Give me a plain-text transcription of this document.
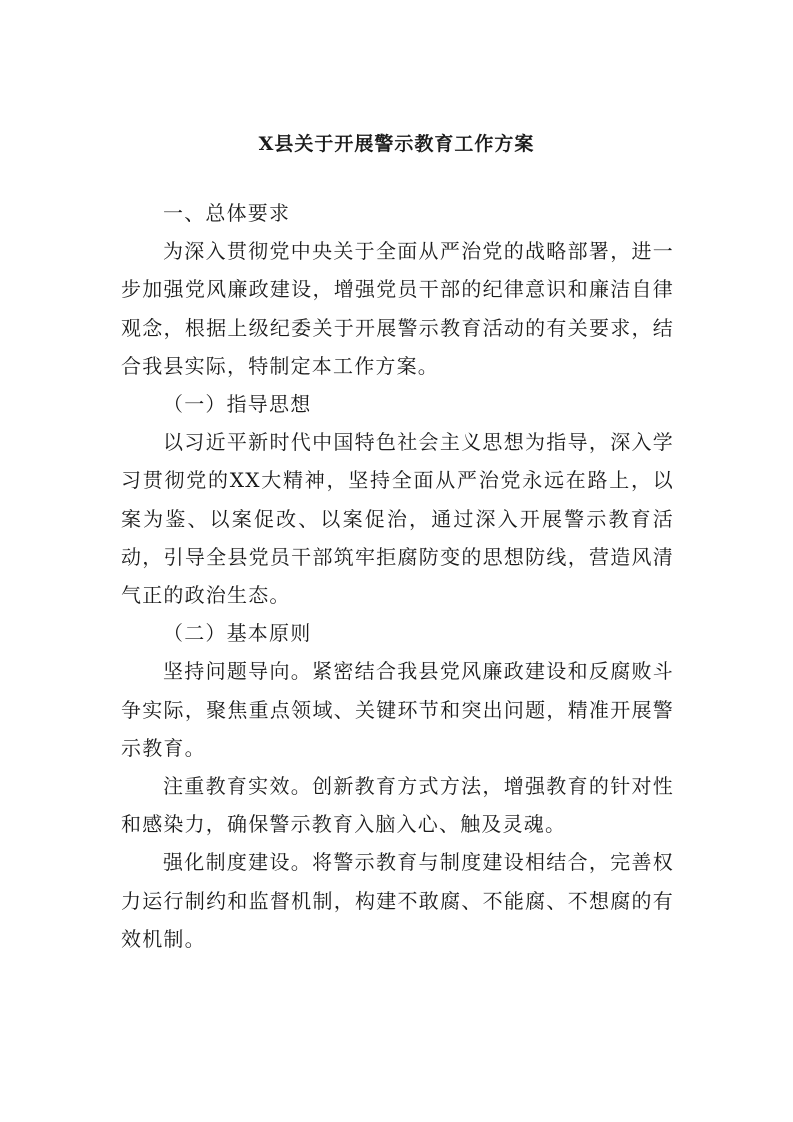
X县关于开展警示教育工作方案

一、总体要求

为深入贯彻党中央关于全面从严治党的战略部署，进一步加强党风廉政建设，增强党员干部的纪律意识和廉洁自律观念，根据上级纪委关于开展警示教育活动的有关要求，结合我县实际，特制定本工作方案。

（一）指导思想

以习近平新时代中国特色社会主义思想为指导，深入学习贯彻党的XX大精神，坚持全面从严治党永远在路上，以案为鉴、以案促改、以案促治，通过深入开展警示教育活动，引导全县党员干部筑牢拒腐防变的思想防线，营造风清气正的政治生态。

（二）基本原则

坚持问题导向。紧密结合我县党风廉政建设和反腐败斗争实际，聚焦重点领域、关键环节和突出问题，精准开展警示教育。

注重教育实效。创新教育方式方法，增强教育的针对性和感染力，确保警示教育入脑入心、触及灵魂。

强化制度建设。将警示教育与制度建设相结合，完善权力运行制约和监督机制，构建不敢腐、不能腐、不想腐的有效机制。
